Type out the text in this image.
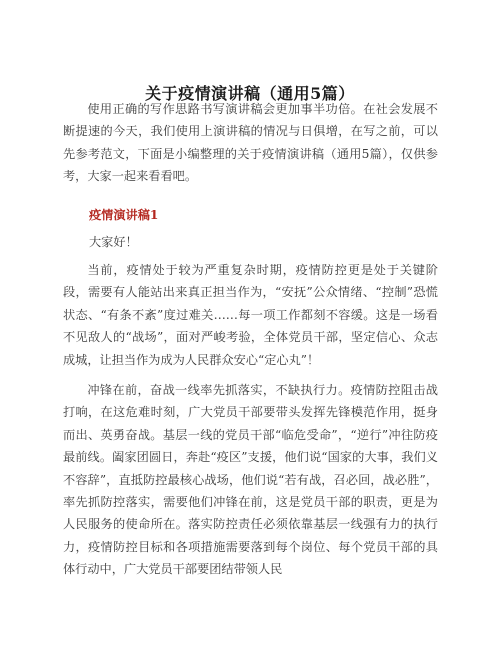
关于疫情演讲稿（通用5篇）

使用正确的写作思路书写演讲稿会更加事半功倍。在社会发展不断提速的今天，我们使用上演讲稿的情况与日俱增，在写之前，可以先参考范文，下面是小编整理的关于疫情演讲稿（通用5篇），仅供参考，大家一起来看看吧。

疫情演讲稿1

大家好！

当前，疫情处于较为严重复杂时期，疫情防控更是处于关键阶段，需要有人能站出来真正担当作为，“安抚”公众情绪、“控制”恐慌状态、“有条不紊”度过难关……每一项工作都刻不容缓。这是一场看不见敌人的“战场”，面对严峻考验，全体党员干部，坚定信心、众志成城，让担当作为成为人民群众安心“定心丸”！

冲锋在前，奋战一线率先抓落实，不缺执行力。疫情防控阻击战打响，在这危难时刻，广大党员干部要带头发挥先锋模范作用，挺身而出、英勇奋战。基层一线的党员干部“临危受命”，“逆行”冲往防疫最前线。阖家团圆日，奔赴“疫区”支援，他们说“国家的大事，我们义不容辞”，直抵防控最核心战场，他们说“若有战，召必回，战必胜”，率先抓防控落实，需要他们冲锋在前，这是党员干部的职责，更是为人民服务的使命所在。落实防控责任必须依靠基层一线强有力的执行力，疫情防控目标和各项措施需要落到每个岗位、每个党员干部的具体行动中，广大党员干部要团结带领人民
